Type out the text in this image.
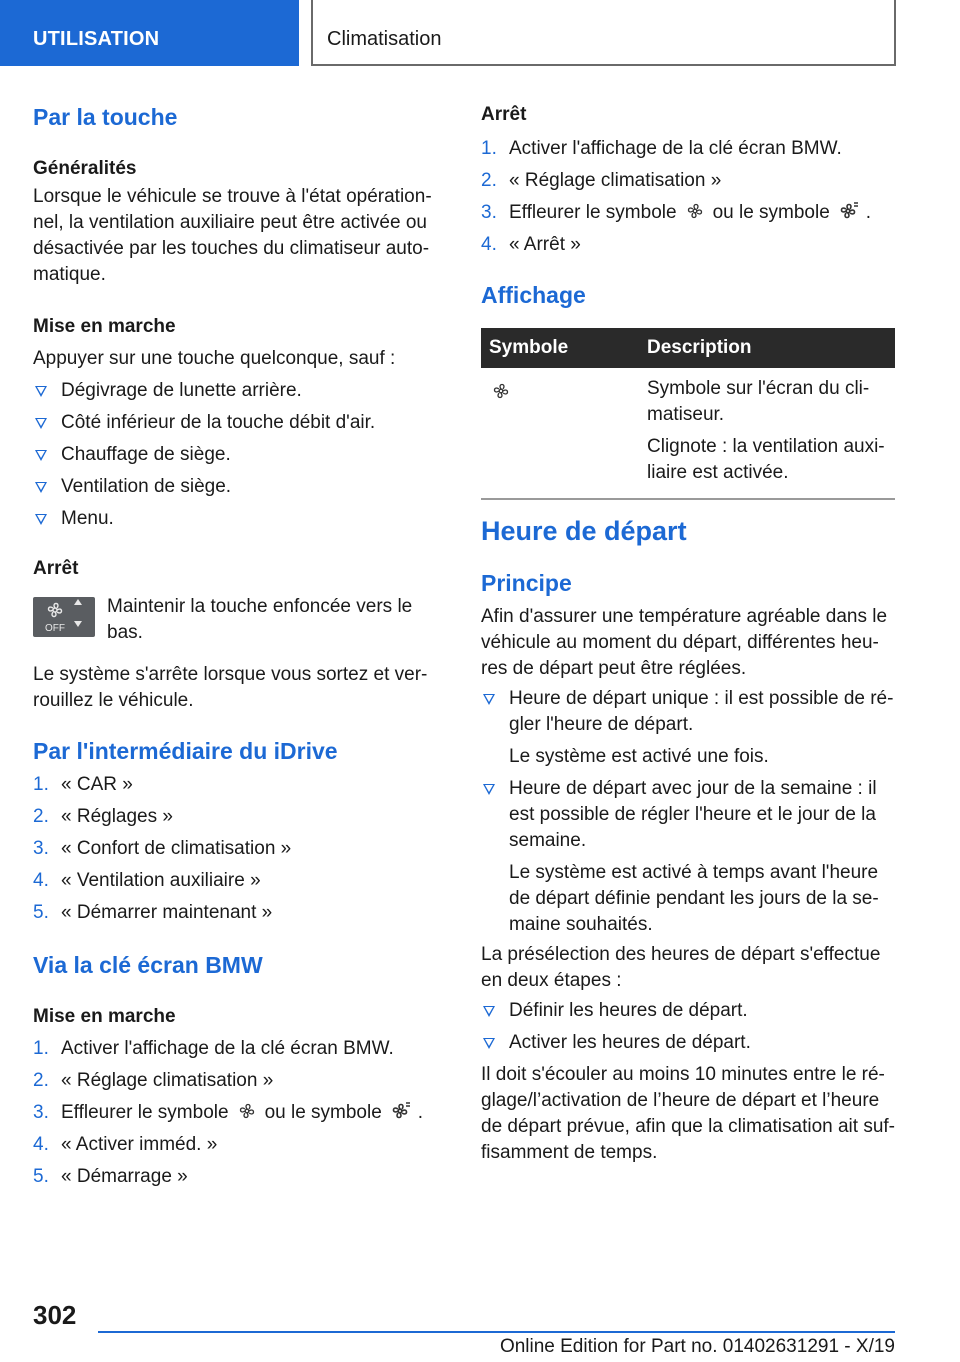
UTILISATION	Climatisation
Par la touche
Généralités
Lorsque le véhicule se trouve à l'état opération-
nel, la ventilation auxiliaire peut être activée ou
désactivée par les touches du climatiseur auto-
matique.
Mise en marche
Appuyer sur une touche quelconque, sauf :
Dégivrage de lunette arrière.
Côté inférieur de la touche débit d'air.
Chauffage de siège.
Ventilation de siège.
Menu.
Arrêt
OFF
Maintenir la touche enfoncée vers le
bas.
Le système s'arrête lorsque vous sortez et ver-
rouillez le véhicule.
Par l'intermédiaire du iDrive
1. « CAR »
2. « Réglages »
3. « Confort de climatisation »
4. « Ventilation auxiliaire »
5. « Démarrer maintenant »
Via la clé écran BMW
Mise en marche
1. Activer l'affichage de la clé écran BMW.
2. « Réglage climatisation »
3. Effleurer le symbole ou le symbole .
4. « Activer imméd. »
5. « Démarrage »
Arrêt
1. Activer l'affichage de la clé écran BMW.
2. « Réglage climatisation »
3. Effleurer le symbole ou le symbole .
4. « Arrêt »
Affichage
Symbole	Description

Symbole sur l'écran du cli-
matiseur.
Clignote : la ventilation auxi-
liaire est activée.
Heure de départ
Principe
Afin d'assurer une température agréable dans le
véhicule au moment du départ, différentes heu-
res de départ peut être réglées.
Heure de départ unique : il est possible de ré-
gler l'heure de départ.
Le système est activé une fois.
Heure de départ avec jour de la semaine : il
est possible de régler l'heure et le jour de la
semaine.
Le système est activé à temps avant l'heure
de départ définie pendant les jours de la se-
maine souhaités.
La présélection des heures de départ s'effectue
en deux étapes :
Définir les heures de départ.
Activer les heures de départ.
Il doit s'écouler au moins 10 minutes entre le ré-
glage/l’activation de l’heure de départ et l’heure
de départ prévue, afin que la climatisation ait suf-
fisamment de temps.
302
Online Edition for Part no. 01402631291 - X/19
